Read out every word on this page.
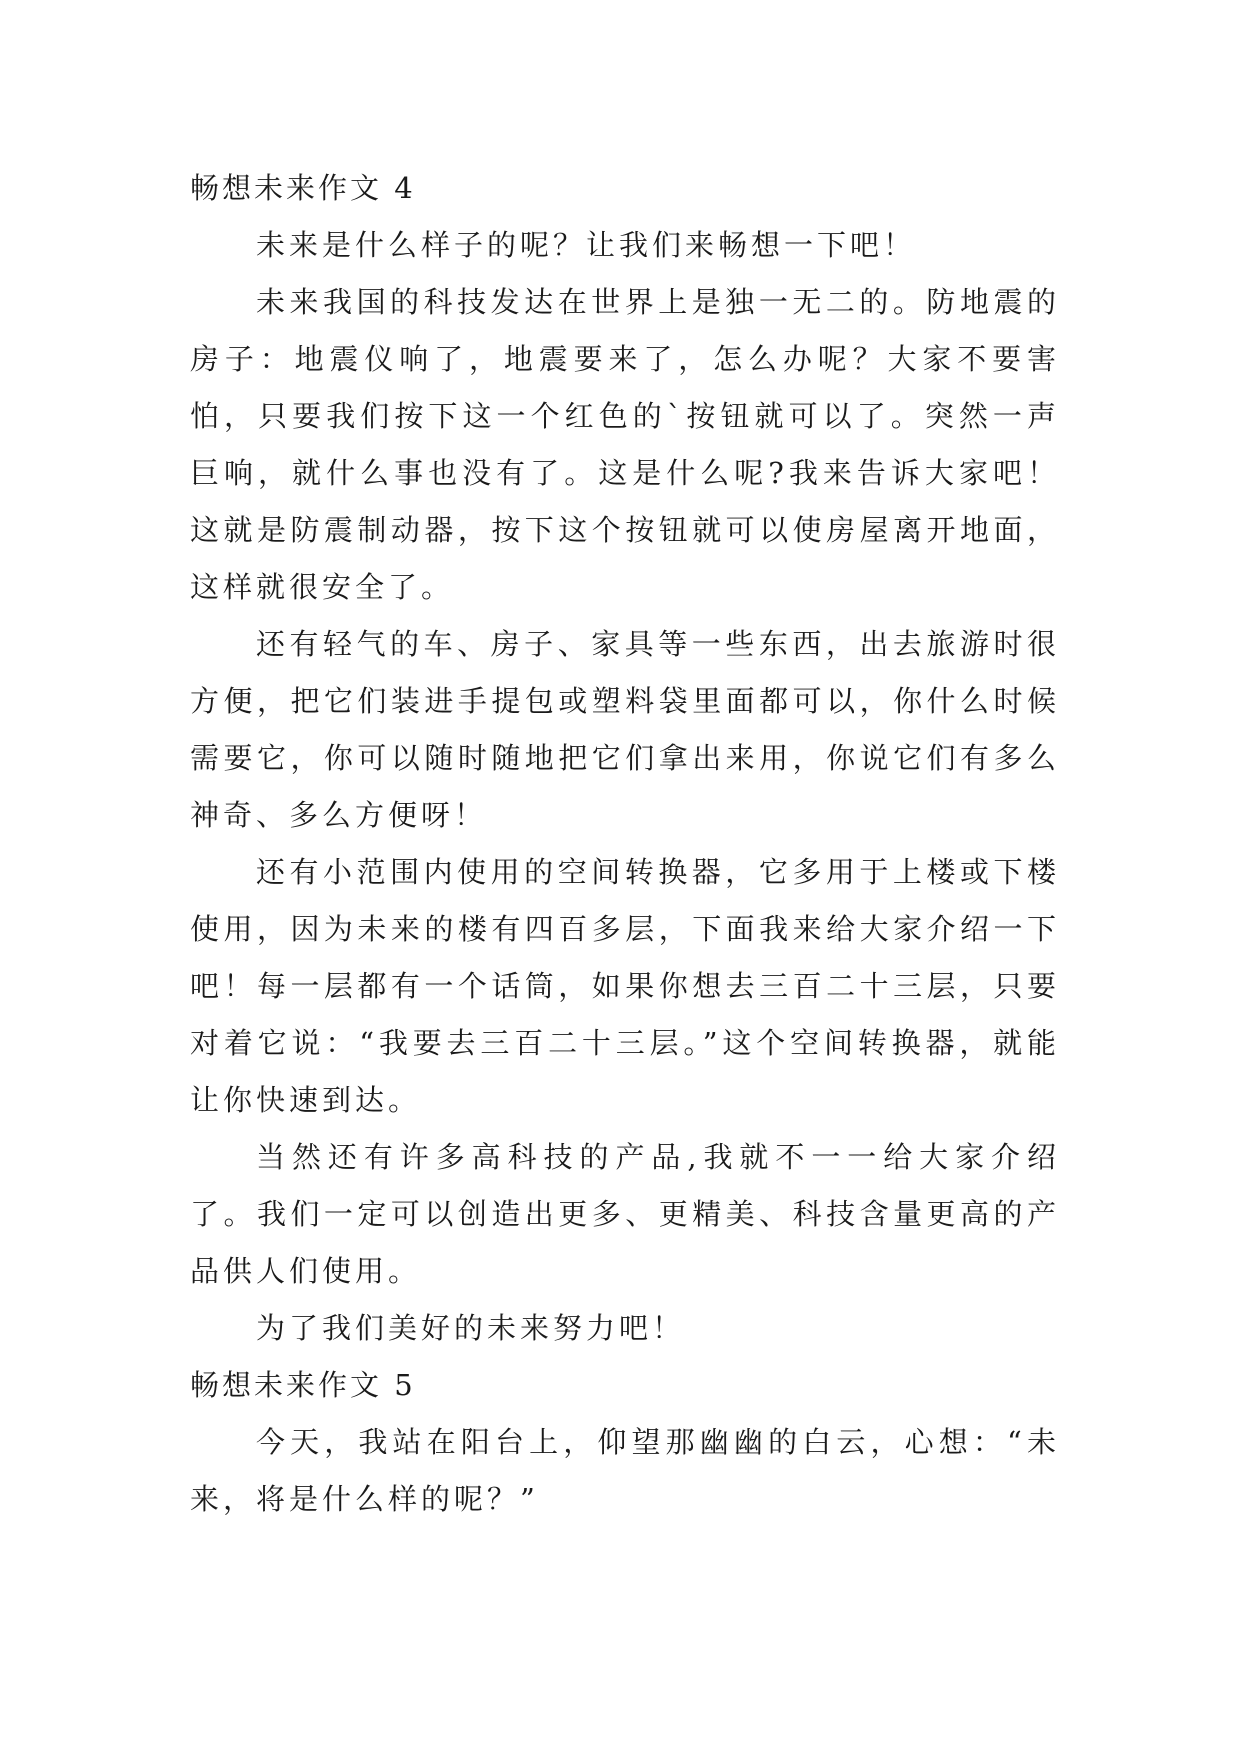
畅想未来作文 4

未来是什么样子的呢？让我们来畅想一下吧！

未来我国的科技发达在世界上是独一无二的。防地震的房子：地震仪响了，地震要来了，怎么办呢？大家不要害怕，只要我们按下这一个红色的`按钮就可以了。突然一声巨响，就什么事也没有了。这是什么呢?我来告诉大家吧！这就是防震制动器，按下这个按钮就可以使房屋离开地面，这样就很安全了。

还有轻气的车、房子、家具等一些东西，出去旅游时很方便，把它们装进手提包或塑料袋里面都可以，你什么时候需要它，你可以随时随地把它们拿出来用，你说它们有多么神奇、多么方便呀！

还有小范围内使用的空间转换器，它多用于上楼或下楼使用，因为未来的楼有四百多层，下面我来给大家介绍一下吧！每一层都有一个话筒，如果你想去三百二十三层，只要对着它说：“我要去三百二十三层。”这个空间转换器，就能让你快速到达。

当然还有许多高科技的产品,我就不一一给大家介绍了。我们一定可以创造出更多、更精美、科技含量更高的产品供人们使用。

为了我们美好的未来努力吧！

畅想未来作文 5

今天，我站在阳台上，仰望那幽幽的白云，心想：“未来，将是什么样的呢？”
